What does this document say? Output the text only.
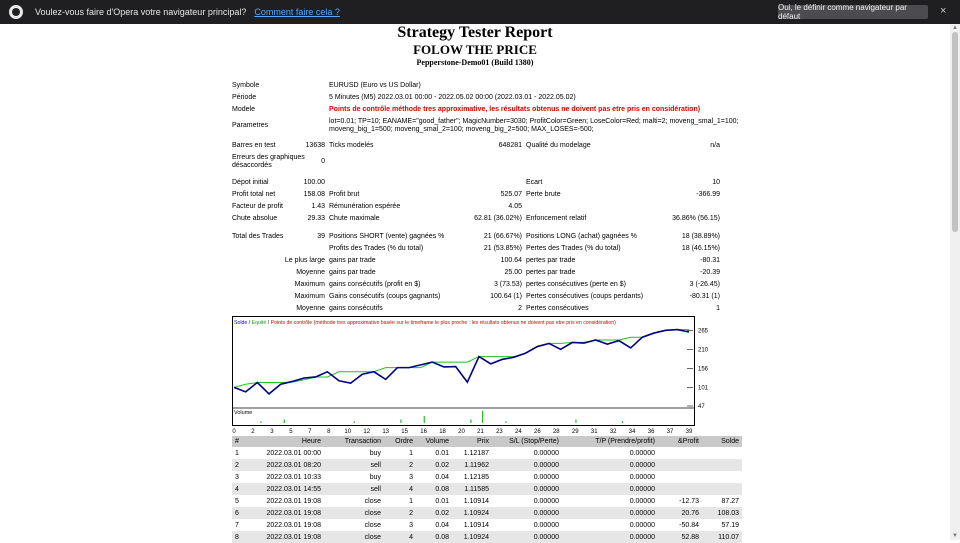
Voulez-vous faire d'Opera votre navigateur principal? Comment faire cela ?	Oui, le définir comme navigateur par défaut	×
Strategy Tester Report
FOLOW THE PRICE
Pepperstone-Demo01 (Build 1380)
Symbole	EURUSD (Euro vs US Dollar)
Période	5 Minutes (M5) 2022.03.01 00:00 - 2022.05.02 00:00 (2022.03.01 - 2022.05.02)
Modele	Points de contrôle méthode tres approximative, les résultats obtenus ne doivent pas etre pris en considération)
Parametres
lot=0.01; TP=10; EANAME="good_father"; MagicNumber=3030; ProfitColor=Green; LoseColor=Red; malti=2; moveng_smal_1=100;
moveng_big_1=500; moveng_smal_2=100; moveng_big_2=500; MAX_LOSES=-500;
Barres en test	13638 Ticks modelés	648281 Qualité du modelage	n/a
Erreurs des graphiques
désaccordés
0
Dépot initial	100.00	Ecart	10
Profit total net	158.08 Profit brut	525.07 Perte brute	-366.99
Facteur de profit	1.43 Rémunération espérée	4.05
Chute absolue	29.33 Chute maximale	62.81 (36.02%) Enfoncement relatif	36.86% (56.15)
Total des Trades	39 Positions SHORT (vente) gagnées %	21 (66.67%) Positions LONG (achat) gagnées %	18 (38.89%)
Profits des Trades (% du total)	21 (53.85%) Pertes des Trades (% du total)	18 (46.15%)
Le plus large gains par trade	100.64 pertes par trade	-80.31
Moyenne gains par trade	25.00 pertes par trade	-20.39
Maximum gains consécutifs (profit en $)	3 (73.53) pertes consécutives (perte en $)	3 (-26.45)
Maximum Gains consécutifs (coups gagnants)	100.64 (1) Pertes consécutives (coups perdants)	-80.31 (1)
Moyenne gains consécutifs	2 Pertes consécutives	1
265
210
156
101
47
Solde / Equité / Points de contrôle (méthode tres approximative basée sur le timeframe le plus proche : les résultats obtenus ne doivent pas etre pris en considération)
Volume
0	2	3	5	7	8 10 12 13 15 16 18 20 21 23 24 26 28 29 31 32 34 36 37 39
#	Heure	Transaction	Ordre	Volume	Prix	S/L (Stop/Perte)	T/P (Prendre/profit)	&Profit	Solde
1	2022.03.01 00:00	buy	1	0.01	1.12187	0.00000	0.00000		
2	2022.03.01 08:20	sell	2	0.02	1.11962	0.00000	0.00000		
3	2022.03.01 10:33	buy	3	0.04	1.12185	0.00000	0.00000		
4	2022.03.01 14:55	sell	4	0.08	1.11585	0.00000	0.00000		
5	2022.03.01 19:08	close	1	0.01	1.10914	0.00000	0.00000	-12.73	87.27
6	2022.03.01 19:08	close	2	0.02	1.10924	0.00000	0.00000	20.76	108.03
7	2022.03.01 19:08	close	3	0.04	1.10914	0.00000	0.00000	-50.84	57.19
8	2022.03.01 19:08	close	4	0.08	1.10924	0.00000	0.00000	52.88	110.07
▲
▼
